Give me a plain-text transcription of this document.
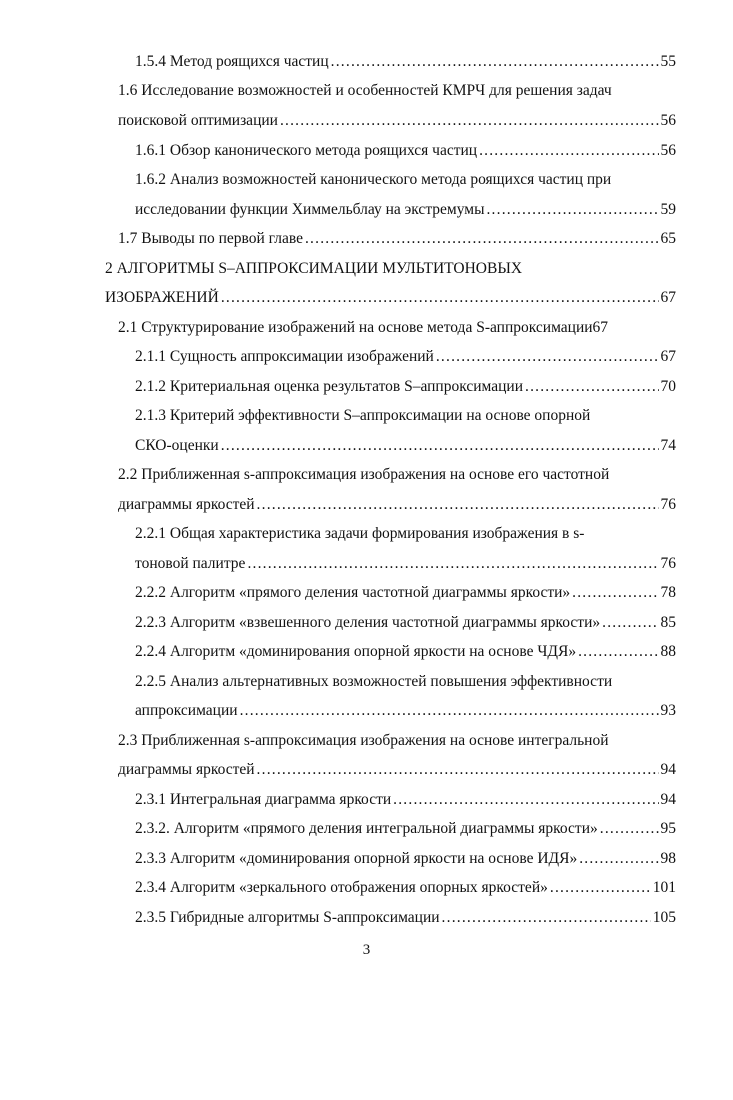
1.5.4 Метод роящихся частиц .....	55
1.6 Исследование возможностей и особенностей КМРЧ для решения задач
поисковой оптимизации .....	56
1.6.1 Обзор канонического метода роящихся частиц .....	56
1.6.2 Анализ возможностей канонического метода роящихся частиц при
исследовании функции Химмельблау на экстремумы .....	59
1.7 Выводы по первой главе .....	65
2 АЛГОРИТМЫ S–АППРОКСИМАЦИИ МУЛЬТИТОНОВЫХ
ИЗОБРАЖЕНИЙ .....	67
2.1 Структурирование изображений на основе метода S-аппроксимации 67
2.1.1 Сущность аппроксимации изображений .....	67
2.1.2 Критериальная оценка результатов S–аппроксимации .....	70
2.1.3 Критерий эффективности S–аппроксимации на основе опорной
СКО-оценки .....	74
2.2 Приближенная s-аппроксимация изображения на основе его частотной
диаграммы яркостей .....	76
2.2.1 Общая характеристика задачи формирования изображения в s-
тоновой палитре .....	76
2.2.2 Алгоритм «прямого деления частотной диаграммы яркости» .....	78
2.2.3 Алгоритм «взвешенного деления частотной диаграммы яркости» .....	85
2.2.4 Алгоритм «доминирования опорной яркости на основе ЧДЯ» .....	88
2.2.5 Анализ альтернативных возможностей повышения эффективности
аппроксимации .....	93
2.3 Приближенная s-аппроксимация изображения на основе интегральной
диаграммы яркостей .....	94
2.3.1 Интегральная диаграмма яркости .....	94
2.3.2. Алгоритм «прямого деления интегральной диаграммы яркости» .....	95
2.3.3 Алгоритм «доминирования опорной яркости на основе ИДЯ» .....	98
2.3.4 Алгоритм «зеркального отображения опорных яркостей» .....	101
2.3.5 Гибридные алгоритмы S-аппроксимации .....	105
3
